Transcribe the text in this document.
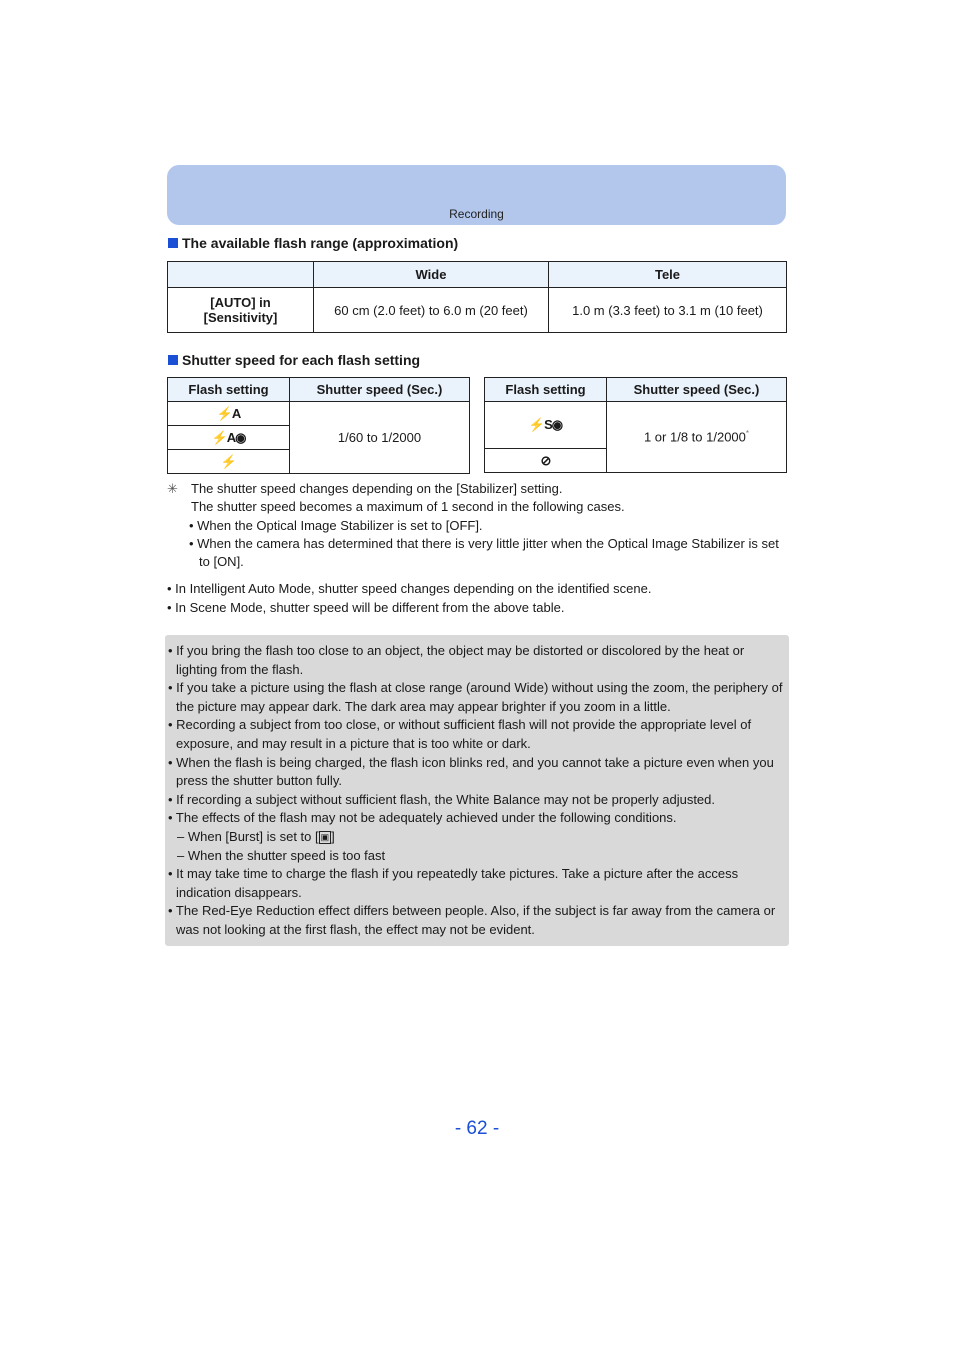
Recording
The available flash range (approximation)
	Wide	Tele
[AUTO] in [Sensitivity]	60 cm (2.0 feet) to 6.0 m (20 feet)	1.0 m (3.3 feet) to 3.1 m (10 feet)
Shutter speed for each flash setting
Flash setting	Shutter speed (Sec.)
⚡A	1/60 to 1/2000
⚡A◉	
⚡	
Flash setting	Shutter speed (Sec.)
⚡S◉	1 or 1/8 to 1/2000*
⊘	
✳	The shutter speed changes depending on the [Stabilizer] setting.
The shutter speed becomes a maximum of 1 second in the following cases.
• When the Optical Image Stabilizer is set to [OFF].
• When the camera has determined that there is very little jitter when the Optical Image Stabilizer is set to [ON].
• In Intelligent Auto Mode, shutter speed changes depending on the identified scene.
• In Scene Mode, shutter speed will be different from the above table.
• If you bring the flash too close to an object, the object may be distorted or discolored by the heat or lighting from the flash.
• If you take a picture using the flash at close range (around Wide) without using the zoom, the periphery of the picture may appear dark. The dark area may appear brighter if you zoom in a little.
• Recording a subject from too close, or without sufficient flash will not provide the appropriate level of exposure, and may result in a picture that is too white or dark.
• When the flash is being charged, the flash icon blinks red, and you cannot take a picture even when you press the shutter button fully.
• If recording a subject without sufficient flash, the White Balance may not be properly adjusted.
• The effects of the flash may not be adequately achieved under the following conditions.
– When [Burst] is set to [ ▣ ]
– When the shutter speed is too fast
• It may take time to charge the flash if you repeatedly take pictures. Take a picture after the access indication disappears.
• The Red-Eye Reduction effect differs between people. Also, if the subject is far away from the camera or was not looking at the first flash, the effect may not be evident.
- 62 -
